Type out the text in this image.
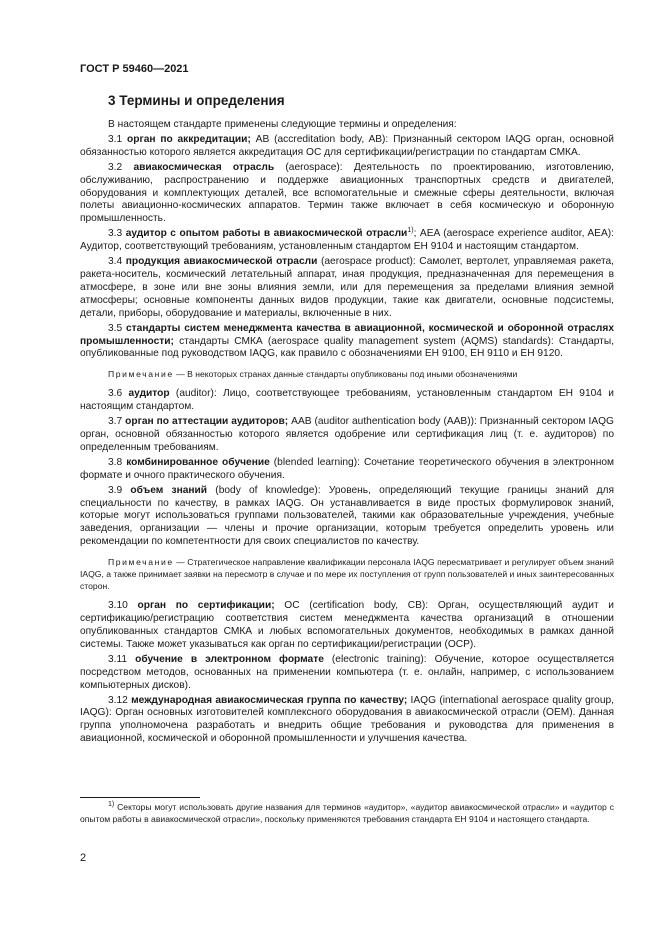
ГОСТ Р 59460—2021
3 Термины и определения

В настоящем стандарте применены следующие термины и определения:

3.1 орган по аккредитации; AB (accreditation body, AB): Признанный сектором IAQG орган, основной обязанностью которого является аккредитация ОС для сертификации/регистрации по стандартам СМКА.

3.2 авиакосмическая отрасль (aerospace): Деятельность по проектированию, изготовлению, обслуживанию, распространению и поддержке авиационных транспортных средств и двигателей, оборудования и комплектующих деталей, все вспомогательные и смежные сферы деятельности, включая полеты авиационно-космических аппаратов. Термин также включает в себя космическую и оборонную промышленность.

3.3 аудитор с опытом работы в авиакосмической отрасли$^{1)}$; AEA (aerospace experience auditor, AEA): Аудитор, соответствующий требованиям, установленным стандартом ЕН 9104 и настоящим стандартом.

3.4 продукция авиакосмической отрасли (aerospace product): Самолет, вертолет, управляемая ракета, ракета-носитель, космический летательный аппарат, иная продукция, предназначенная для перемещения в атмосфере, в зоне или вне зоны влияния земли, или для перемещения за пределами влияния земной атмосферы; основные компоненты данных видов продукции, такие как двигатели, основные подсистемы, детали, приборы, оборудование и материалы, включенные в них.

3.5 стандарты систем менеджмента качества в авиационной, космической и оборонной отраслях промышленности; стандарты СМКА (aerospace quality management system (AQMS) standards): Стандарты, опубликованные под руководством IAQG, как правило с обозначениями ЕН 9100, ЕН 9110 и ЕН 9120.

Примечание — В некоторых странах данные стандарты опубликованы под иными обозначениями

3.6 аудитор (auditor): Лицо, соответствующее требованиям, установленным стандартом ЕН 9104 и настоящим стандартом.

3.7 орган по аттестации аудиторов; AAB (auditor authentication body (AAB)): Признанный сектором IAQG орган, основной обязанностью которого является одобрение или сертификация лиц (т. е. аудиторов) по определенным требованиям.

3.8 комбинированное обучение (blended learning): Сочетание теоретического обучения в электронном формате и очного практического обучения.

3.9 объем знаний (body of knowledge): Уровень, определяющий текущие границы знаний для специальности по качеству, в рамках IAQG. Он устанавливается в виде простых формулировок знаний, которые могут использоваться группами пользователей, такими как образовательные учреждения, учебные заведения, организации — члены и прочие организации, которым требуется определить уровень или рекомендации по компетентности для своих специалистов по качеству.

Примечание — Стратегическое направление квалификации персонала IAQG пересматривает и регулирует объем знаний IAQG, а также принимает заявки на пересмотр в случае и по мере их поступления от групп пользователей и иных заинтересованных сторон.

3.10 орган по сертификации; ОС (certification body, CB): Орган, осуществляющий аудит и сертификацию/регистрацию соответствия систем менеджмента качества организаций в отношении опубликованных стандартов СМКА и любых вспомогательных документов, необходимых в рамках данной системы. Также может указываться как орган по сертификации/регистрации (OCP).

3.11 обучение в электронном формате (electronic training): Обучение, которое осуществляется посредством методов, основанных на применении компьютера (т. е. онлайн, например, с использованием компьютерных дисков).

3.12 международная авиакосмическая группа по качеству; IAQG (international aerospace quality group, IAQG): Орган основных изготовителей комплексного оборудования в авиакосмической отрасли (OEM). Данная группа уполномочена разработать и внедрить общие требования и руководства для применения в авиационной, космической и оборонной промышленности и улучшения качества.

$^{1)}$ Секторы могут использовать другие названия для терминов «аудитор», «аудитор авиакосмической отрасли» и «аудитор с опытом работы в авиакосмической отрасли», поскольку применяются требования стандарта ЕН 9104 и настоящего стандарта.
2
